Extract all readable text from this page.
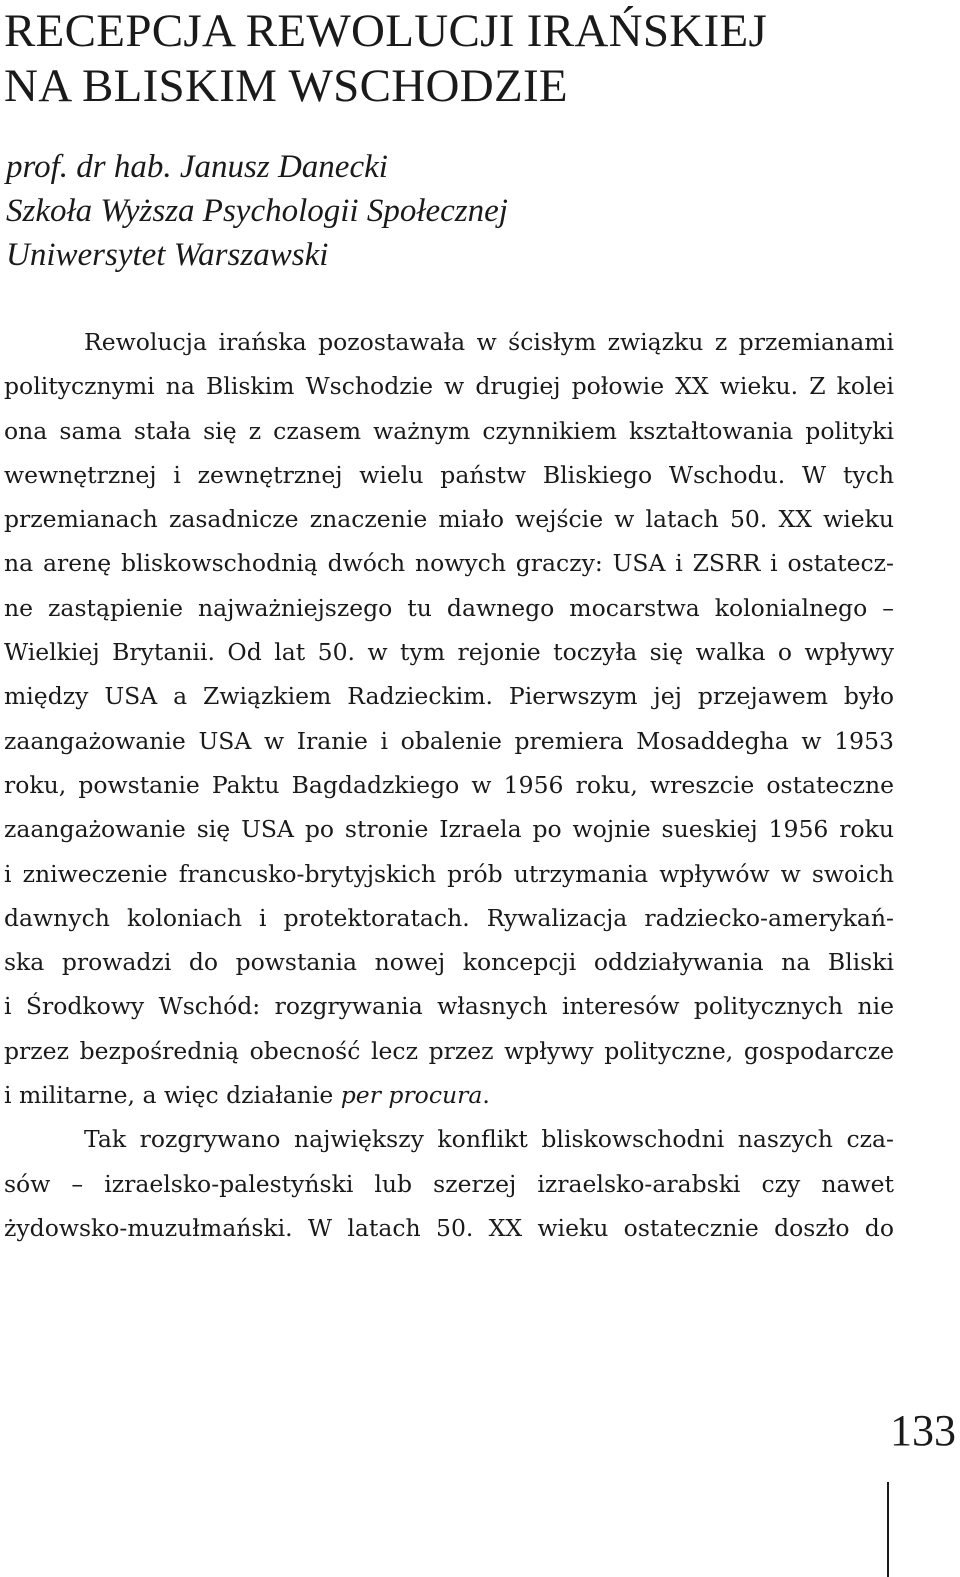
RECEPCJA REWOLUCJI IRAŃSKIEJ
NA BLISKIM WSCHODZIE
prof. dr hab. Janusz Danecki
Szkoła Wyższa Psychologii Społecznej
Uniwersytet Warszawski
Rewolucja irańska pozostawała w ścisłym związku z przemianami
politycznymi na Bliskim Wschodzie w drugiej połowie XX wieku. Z kolei
ona sama stała się z czasem ważnym czynnikiem kształtowania polityki
wewnętrznej i zewnętrznej wielu państw Bliskiego Wschodu. W tych
przemianach zasadnicze znaczenie miało wejście w latach 50. XX wieku
na arenę bliskowschodnią dwóch nowych graczy: USA i ZSRR i ostatecz-
ne zastąpienie najważniejszego tu dawnego mocarstwa kolonialnego –
Wielkiej Brytanii. Od lat 50. w tym rejonie toczyła się walka o wpływy
między USA a Związkiem Radzieckim. Pierwszym jej przejawem było
zaangażowanie USA w Iranie i obalenie premiera Mosaddegha w 1953
roku, powstanie Paktu Bagdadzkiego w 1956 roku, wreszcie ostateczne
zaangażowanie się USA po stronie Izraela po wojnie sueskiej 1956 roku
i zniweczenie francusko-brytyjskich prób utrzymania wpływów w swoich
dawnych koloniach i protektoratach. Rywalizacja radziecko-amerykań-
ska prowadzi do powstania nowej koncepcji oddziaływania na Bliski
i Środkowy Wschód: rozgrywania własnych interesów politycznych nie
przez bezpośrednią obecność lecz przez wpływy polityczne, gospodarcze
i militarne, a więc działanie per procura.
Tak rozgrywano największy konflikt bliskowschodni naszych cza-
sów – izraelsko-palestyński lub szerzej izraelsko-arabski czy nawet
żydowsko-muzułmański. W latach 50. XX wieku ostatecznie doszło do
133
